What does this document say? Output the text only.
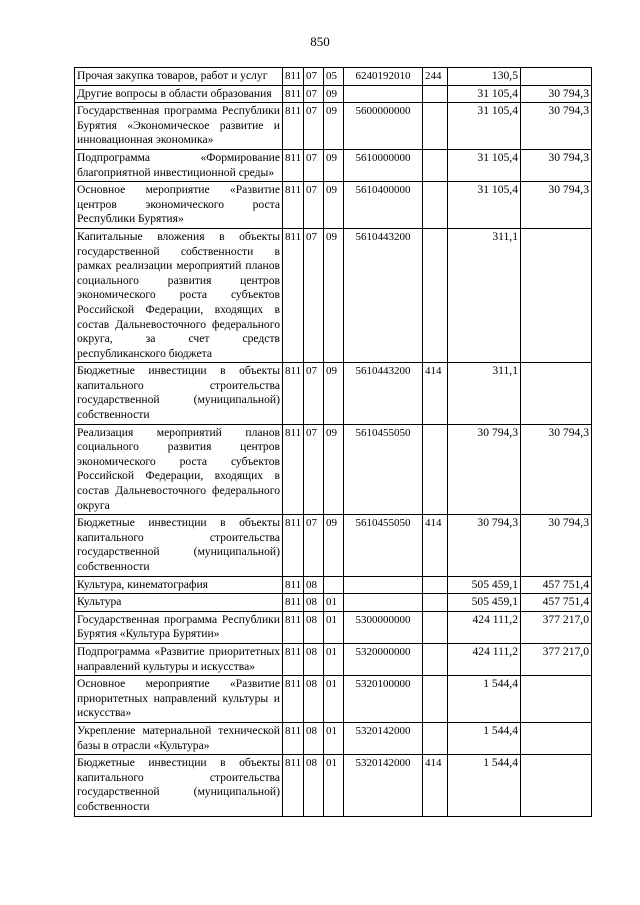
850
Прочая закупка товаров, работ и услуг	811	07	05	6240192010	244	130,5	
Другие вопросы в области образования	811	07	09			31 105,4	30 794,3
Государственная программа Республики Бурятия «Экономическое развитие и инновационная экономика»	811	07	09	5600000000		31 105,4	30 794,3
Подпрограмма «Формирование благоприятной инвестиционной среды»	811	07	09	5610000000		31 105,4	30 794,3
Основное мероприятие «Развитие центров экономического роста Республики Бурятия»	811	07	09	5610400000		31 105,4	30 794,3
Капитальные вложения в объекты государственной собственности в рамках реализации мероприятий планов социального развития центров экономического роста субъектов Российской Федерации, входящих в состав Дальневосточного федерального округа, за счет средств республиканского бюджета	811	07	09	5610443200		311,1	
Бюджетные инвестиции в объекты капитального строительства государственной (муниципальной) собственности	811	07	09	5610443200	414	311,1	
Реализация мероприятий планов социального развития центров экономического роста субъектов Российской Федерации, входящих в состав Дальневосточного федерального округа	811	07	09	5610455050		30 794,3	30 794,3
Бюджетные инвестиции в объекты капитального строительства государственной (муниципальной) собственности	811	07	09	5610455050	414	30 794,3	30 794,3
Культура, кинематография	811	08				505 459,1	457 751,4
Культура	811	08	01			505 459,1	457 751,4
Государственная программа Республики Бурятия «Культура Бурятии»	811	08	01	5300000000		424 111,2	377 217,0
Подпрограмма «Развитие приоритетных направлений культуры и искусства»	811	08	01	5320000000		424 111,2	377 217,0
Основное мероприятие «Развитие приоритетных направлений культуры и искусства»	811	08	01	5320100000		1 544,4	
Укрепление материальной технической базы в отрасли «Культура»	811	08	01	5320142000		1 544,4	
Бюджетные инвестиции в объекты капитального строительства государственной (муниципальной) собственности	811	08	01	5320142000	414	1 544,4	
